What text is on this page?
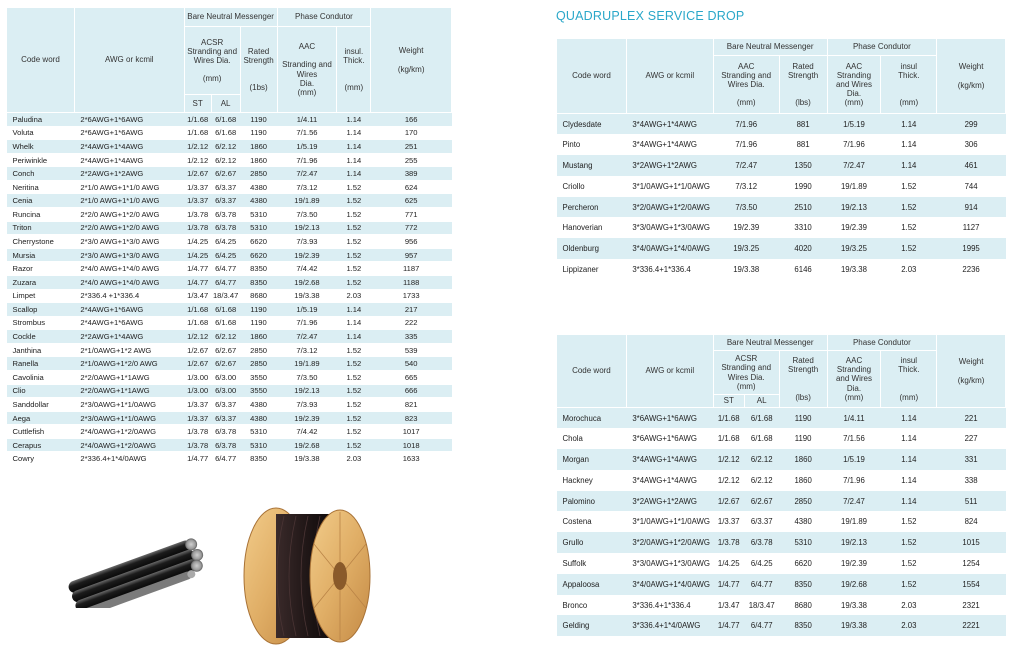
Code word	AWG or kcmil	Bare Neutral Messenger			Phase Condutor		Weight

(kg/km)
		ACSR
Stranding and
Wires Dia.

(mm)		Rated
Strength

(1bs)	AAC

Stranding and Wires
Dia.
(mm)	insul.
Thick.

(mm)	
		ST	AL				
Paludina	2*6AWG+1*6AWG	1/1.68	6/1.68	1190	1/4.11	1.14	166
Voluta	2*6AWG+1*6AWG	1/1.68	6/1.68	1190	7/1.56	1.14	170
Whelk	2*4AWG+1*4AWG	1/2.12	6/2.12	1860	1/5.19	1.14	251
Periwinkle	2*4AWG+1*4AWG	1/2.12	6/2.12	1860	7/1.96	1.14	255
Conch	2*2AWG+1*2AWG	1/2.67	6/2.67	2850	7/2.47	1.14	389
Neritina	2*1/0 AWG+1*1/0 AWG	1/3.37	6/3.37	4380	7/3.12	1.52	624
Cenia	2*1/0 AWG+1*1/0 AWG	1/3.37	6/3.37	4380	19/1.89	1.52	625
Runcina	2*2/0 AWG+1*2/0 AWG	1/3.78	6/3.78	5310	7/3.50	1.52	771
Triton	2*2/0 AWG+1*2/0 AWG	1/3.78	6/3.78	5310	19/2.13	1.52	772
Cherrystone	2*3/0 AWG+1*3/0 AWG	1/4.25	6/4.25	6620	7/3.93	1.52	956
Mursia	2*3/0 AWG+1*3/0 AWG	1/4.25	6/4.25	6620	19/2.39	1.52	957
Razor	2*4/0 AWG+1*4/0 AWG	1/4.77	6/4.77	8350	7/4.42	1.52	1187
Zuzara	2*4/0 AWG+1*4/0 AWG	1/4.77	6/4.77	8350	19/2.68	1.52	1188
Limpet	2*336.4 +1*336.4	1/3.47	18/3.47	8680	19/3.38	2.03	1733
Scallop	2*4AWG+1*6AWG	1/1.68	6/1.68	1190	1/5.19	1.14	217
Strombus	2*4AWG+1*6AWG	1/1.68	6/1.68	1190	7/1.96	1.14	222
Cockle	2*2AWG+1*4AWG	1/2.12	6/2.12	1860	7/2.47	1.14	335
Janthina	2*1/0AWG+1*2 AWG	1/2.67	6/2.67	2850	7/3.12	1.52	539
Ranella	2*1/0AWG+1*2/0 AWG	1/2.67	6/2.67	2850	19/1.89	1.52	540
Cavolinia	2*2/0AWG+1*1AWG	1/3.00	6/3.00	3550	7/3.50	1.52	665
Clio	2*2/0AWG+1*1AWG	1/3.00	6/3.00	3550	19/2.13	1.52	666
Sanddollar	2*3/0AWG+1*1/0AWG	1/3.37	6/3.37	4380	7/3.93	1.52	821
Aega	2*3/0AWG+1*1/0AWG	1/3.37	6/3.37	4380	19/2.39	1.52	823
Cuttlefish	2*4/0AWG+1*2/0AWG	1/3.78	6/3.78	5310	7/4.42	1.52	1017
Cerapus	2*4/0AWG+1*2/0AWG	1/3.78	6/3.78	5310	19/2.68	1.52	1018
Cowry	2*336.4+1*4/0AWG	1/4.77	6/4.77	8350	19/3.38	2.03	1633
QUADRUPLEX SERVICE DROP
Code word	AWG or kcmil	Bare Neutral Messenger		Phase Condutor		Weight

(kg/km)
		AAC
Stranding and
Wires Dia.

(mm)	Rated
Strength

(lbs)	AAC
Stranding
and Wires
Dia.
(mm)	insul
Thick.

(mm)	
Clydesdate	3*4AWG+1*4AWG	7/1.96	881	1/5.19	1.14	299
Pinto	3*4AWG+1*4AWG	7/1.96	881	7/1.96	1.14	306
Mustang	3*2AWG+1*2AWG	7/2.47	1350	7/2.47	1.14	461
Criollo	3*1/0AWG+1*1/0AWG	7/3.12	1990	19/1.89	1.52	744
Percheron	3*2/0AWG+1*2/0AWG	7/3.50	2510	19/2.13	1.52	914
Hanoverian	3*3/0AWG+1*3/0AWG	19/2.39	3310	19/2.39	1.52	1127
Oldenburg	3*4/0AWG+1*4/0AWG	19/3.25	4020	19/3.25	1.52	1995
Lippizaner	3*336.4+1*336.4	19/3.38	6146	19/3.38	2.03	2236
Code word	AWG or kcmil	Bare Neutral Messenger			Phase Condutor		Weight

(kg/km)
		ACSR
Stranding and
Wires Dia.
(mm)		Rated
Strength

(lbs)	AAC
Stranding
and Wires
Dia.
(mm)	insul
Thick.

(mm)	
		ST	AL				
Morochuca	3*6AWG+1*6AWG	1/1.68	6/1.68	1190	1/4.11	1.14	221
Chola	3*6AWG+1*6AWG	1/1.68	6/1.68	1190	7/1.56	1.14	227
Morgan	3*4AWG+1*4AWG	1/2.12	6/2.12	1860	1/5.19	1.14	331
Hackney	3*4AWG+1*4AWG	1/2.12	6/2.12	1860	7/1.96	1.14	338
Palomino	3*2AWG+1*2AWG	1/2.67	6/2.67	2850	7/2.47	1.14	511
Costena	3*1/0AWG+1*1/0AWG	1/3.37	6/3.37	4380	19/1.89	1.52	824
Grullo	3*2/0AWG+1*2/0AWG	1/3.78	6/3.78	5310	19/2.13	1.52	1015
Suffolk	3*3/0AWG+1*3/0AWG	1/4.25	6/4.25	6620	19/2.39	1.52	1254
Appaloosa	3*4/0AWG+1*4/0AWG	1/4.77	6/4.77	8350	19/2.68	1.52	1554
Bronco	3*336.4+1*336.4	1/3.47	18/3.47	8680	19/3.38	2.03	2321
Gelding	3*336.4+1*4/0AWG	1/4.77	6/4.77	8350	19/3.38	2.03	2221
